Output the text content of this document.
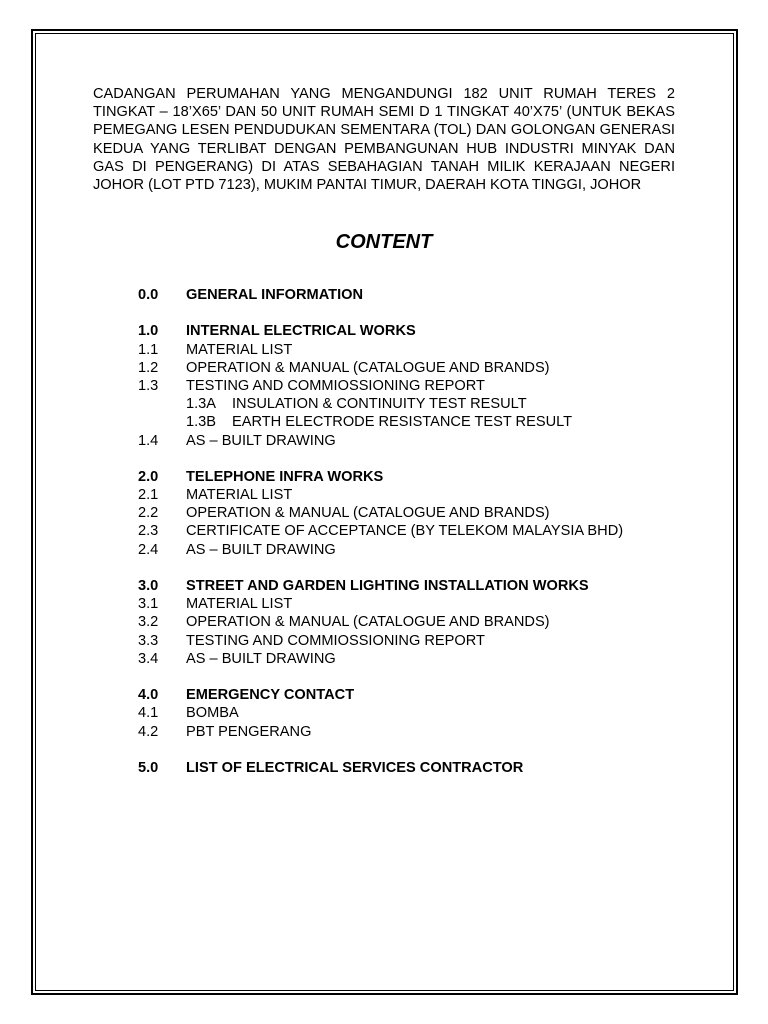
CADANGAN PERUMAHAN YANG MENGANDUNGI 182 UNIT RUMAH TERES 2 TINGKAT – 18’X65’ DAN 50 UNIT RUMAH SEMI D 1 TINGKAT 40’X75’ (UNTUK BEKAS PEMEGANG LESEN PENDUDUKAN SEMENTARA (TOL) DAN GOLONGAN GENERASI KEDUA YANG TERLIBAT DENGAN PEMBANGUNAN HUB INDUSTRI MINYAK DAN GAS DI PENGERANG) DI ATAS SEBAHAGIAN TANAH MILIK KERAJAAN NEGERI JOHOR (LOT PTD 7123), MUKIM PANTAI TIMUR, DAERAH KOTA TINGGI, JOHOR

CONTENT
0.0	GENERAL INFORMATION
1.0	INTERNAL ELECTRICAL WORKS
1.1	MATERIAL LIST
1.2	OPERATION & MANUAL (CATALOGUE AND BRANDS)
1.3	TESTING AND COMMIOSSIONING REPORT
1.3A	INSULATION & CONTINUITY TEST RESULT
1.3B	EARTH ELECTRODE RESISTANCE TEST RESULT
1.4	AS – BUILT DRAWING
2.0	TELEPHONE INFRA WORKS
2.1	MATERIAL LIST
2.2	OPERATION & MANUAL (CATALOGUE AND BRANDS)
2.3	CERTIFICATE OF ACCEPTANCE (BY TELEKOM MALAYSIA BHD)
2.4	AS – BUILT DRAWING
3.0	STREET AND GARDEN LIGHTING INSTALLATION WORKS
3.1	MATERIAL LIST
3.2	OPERATION & MANUAL (CATALOGUE AND BRANDS)
3.3	TESTING AND COMMIOSSIONING REPORT
3.4	AS – BUILT DRAWING
4.0	EMERGENCY CONTACT
4.1	BOMBA
4.2	PBT PENGERANG
5.0	LIST OF ELECTRICAL SERVICES CONTRACTOR
